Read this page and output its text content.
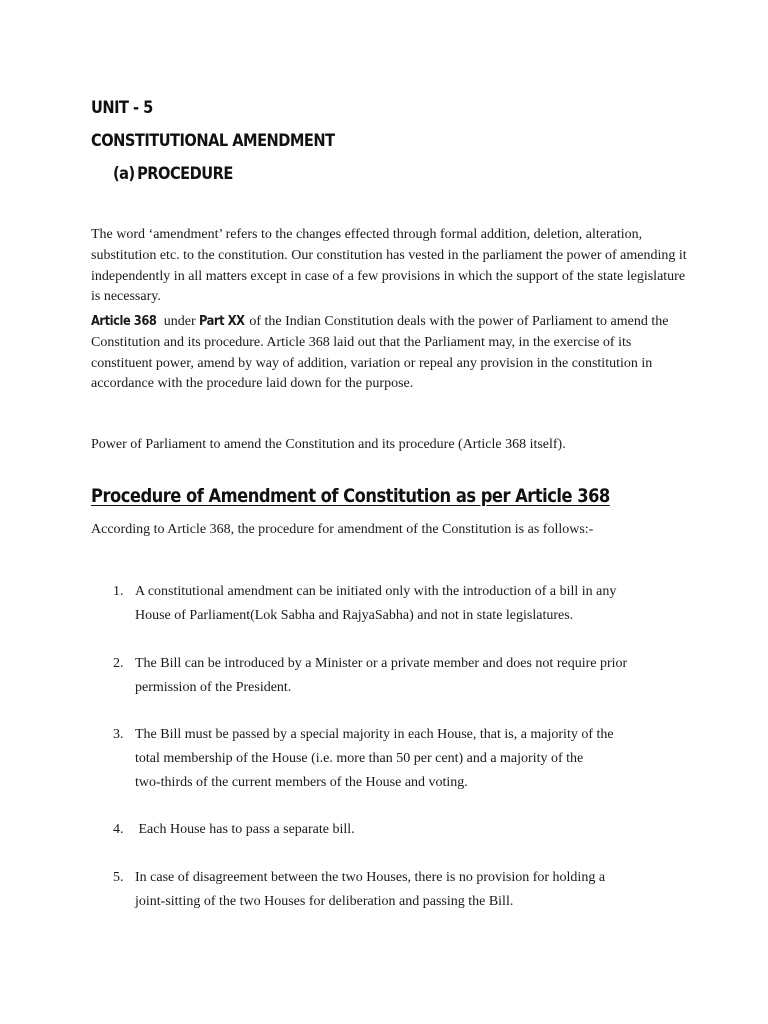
UNIT - 5
CONSTITUTIONAL AMENDMENT
(a) PROCEDURE

The word ‘amendment’ refers to the changes effected through formal addition, deletion, alteration, substitution etc. to the constitution. Our constitution has vested in the parliament the power of amending it independently in all matters except in case of a few provisions in which the support of the state legislature is necessary.

Article 368 under Part XX of the Indian Constitution deals with the power of Parliament to amend the Constitution and its procedure. Article 368 laid out that the Parliament may, in the exercise of its constituent power, amend by way of addition, variation or repeal any provision in the constitution in accordance with the procedure laid down for the purpose.

Power of Parliament to amend the Constitution and its procedure (Article 368 itself).

Procedure of Amendment of Constitution as per Article 368

According to Article 368, the procedure for amendment of the Constitution is as follows:-

1. A constitutional amendment can be initiated only with the introduction of a bill in any
House of Parliament(Lok Sabha and RajyaSabha) and not in state legislatures.
2. The Bill can be introduced by a Minister or a private member and does not require prior
permission of the President.
3. The Bill must be passed by a special majority in each House, that is, a majority of the
total membership of the House (i.e. more than 50 per cent) and a majority of the
two-thirds of the current members of the House and voting.
4. Each House has to pass a separate bill.
5. In case of disagreement between the two Houses, there is no provision for holding a
joint-sitting of the two Houses for deliberation and passing the Bill.
